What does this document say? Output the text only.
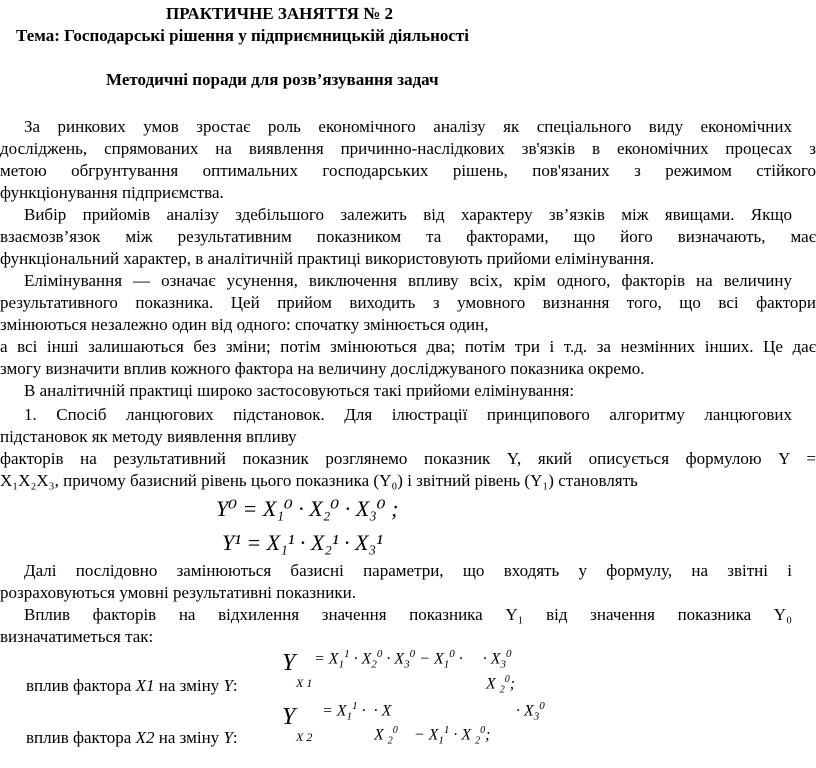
ПРАКТИЧНЕ ЗАНЯТТЯ № 2
Тема: Господарські рішення у підприємницькій діяльності
Методичні поради для розв’язування задач
За ринкових умов зростає роль економічного аналізу як спеціального виду економічних
досліджень, спрямованих на виявлення причинно-наслідкових зв'язків в економічних процесах з
метою обгрунтування оптимальних господарських рішень, пов'язаних з режимом стійкого
функціонування підприємства.
Вибір прийомів аналізу здебільшого залежить від характеру зв’язків між явищами. Якщо
взаємозв’язок між результативним показником та факторами, що його визначають, має
функціональний характер, в аналітичній практиці використовують прийоми елімінування.
Елімінування — означає усунення, виключення впливу всіх, крім одного, факторів на величину
результативного показника. Цей прийом виходить з умовного визнання того, що всі фактори
змінюються незалежно один від одного: спочатку змінюється один,
а всі інші залишаються без зміни; потім змінюються два; потім три і т.д. за незмінних інших. Це дає
змогу визначити вплив кожного фактора на величину досліджуваного показника окремо.
В аналітичній практиці широко застосовуються такі прийоми елімінування:
1. Спосіб ланцюгових підстановок. Для ілюстрації принципового алгоритму ланцюгових
підстановок як методу виявлення впливу
факторів на результативний показник розглянемо показник Y, який описується формулою Y =
X₁X₂X₃, причому базисний рівень цього показника (Y₀) і звітний рівень (Y₁) становлять
Y⁰ = X₁⁰ · X₂⁰ · X₃⁰ ;
Y¹ = X₁¹ · X₂¹ · X₃¹
Далі послідовно замінюються базисні параметри, що входять у формулу, на звітні і
розраховуються умовні результативні показники.
Вплив факторів на відхилення значення показника Y₁ від значення показника Y₀
визначатиметься так:
Y
X 1
= $X_1^1 \cdot X_2^0 \cdot X_3^0 - X_1^0$ ·     · $X_3^0$
X $_2^0$;
вплив фактора X1 на зміну Y:
Y
X 2
= $X_1^1$ ·  · X	· $X_3^0$
X $_2^0$    − $X_1^1 \cdot X$ $_2^0$;
вплив фактора X2 на зміну Y:
